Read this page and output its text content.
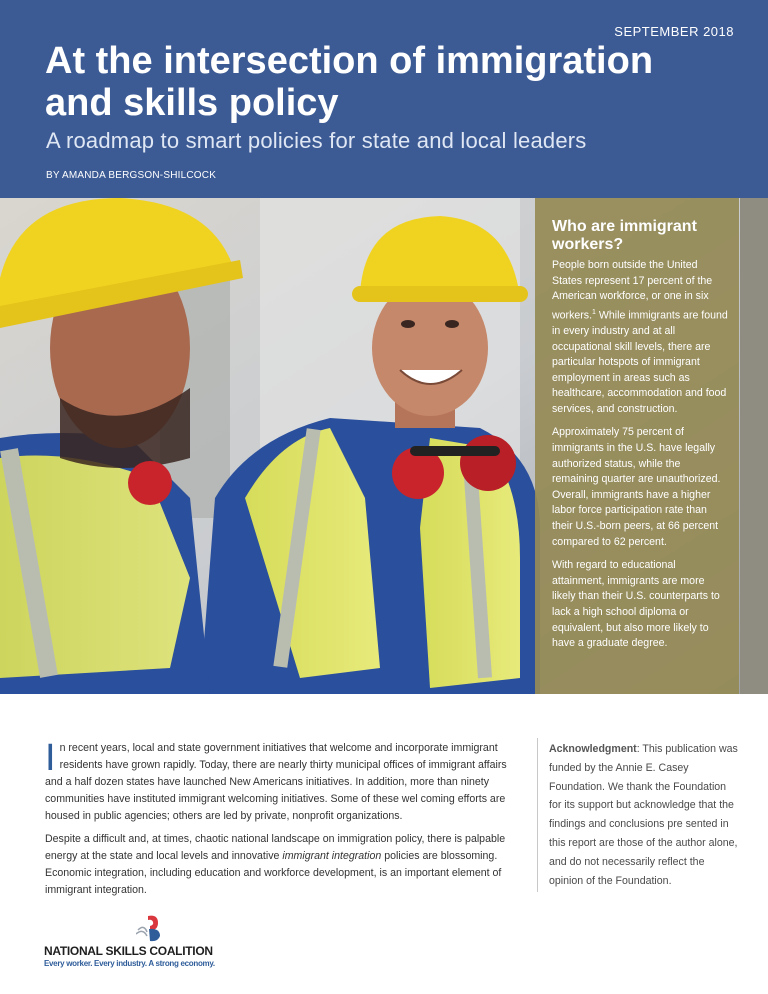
SEPTEMBER 2018
At the intersection of immigration and skills policy
A roadmap to smart policies for state and local leaders
BY AMANDA BERGSON-SHILCOCK
Who are immigrant workers?

People born outside the United States represent 17 percent of the American workforce, or one in six workers.$^1$ While immigrants are found in every industry and at all occupational skill levels, there are particular hotspots of immigrant employment in areas such as healthcare, accommodation and food services, and construction.

Approximately 75 percent of immigrants in the U.S. have legally authorized status, while the remaining quarter are unauthorized. Overall, immigrants have a higher labor force participation rate than their U.S.-born peers, at 66 percent compared to 62 percent.

With regard to educational attainment, immigrants are more likely than their U.S. counterparts to lack a high school diploma or equivalent, but also more likely to have a graduate degree.

In recent years, local and state government initiatives that welcome and incorporate immigrant residents have grown rapidly. Today, there are nearly thirty municipal offices of immigrant affairs and a half dozen states have launched New Americans initiatives. In addition, more than ninety communities have instituted immigrant welcoming initiatives. Some of these wel coming efforts are housed in public agencies; others are led by private, nonprofit organizations.

Despite a difficult and, at times, chaotic national landscape on immigration policy, there is palpable energy at the state and local levels and innovative immigrant integration policies are blossoming. Economic integration, including education and workforce development, is an important element of immigrant integration.

Acknowledgment: This publication was funded by the Annie E. Casey Foundation. We thank the Foundation for its support but acknowledge that the findings and conclusions pre sented in this report are those of the author alone, and do not necessarily reflect the opinion of the Foundation.
NATIONAL SKILLS COALITION
Every worker. Every industry. A strong economy.
